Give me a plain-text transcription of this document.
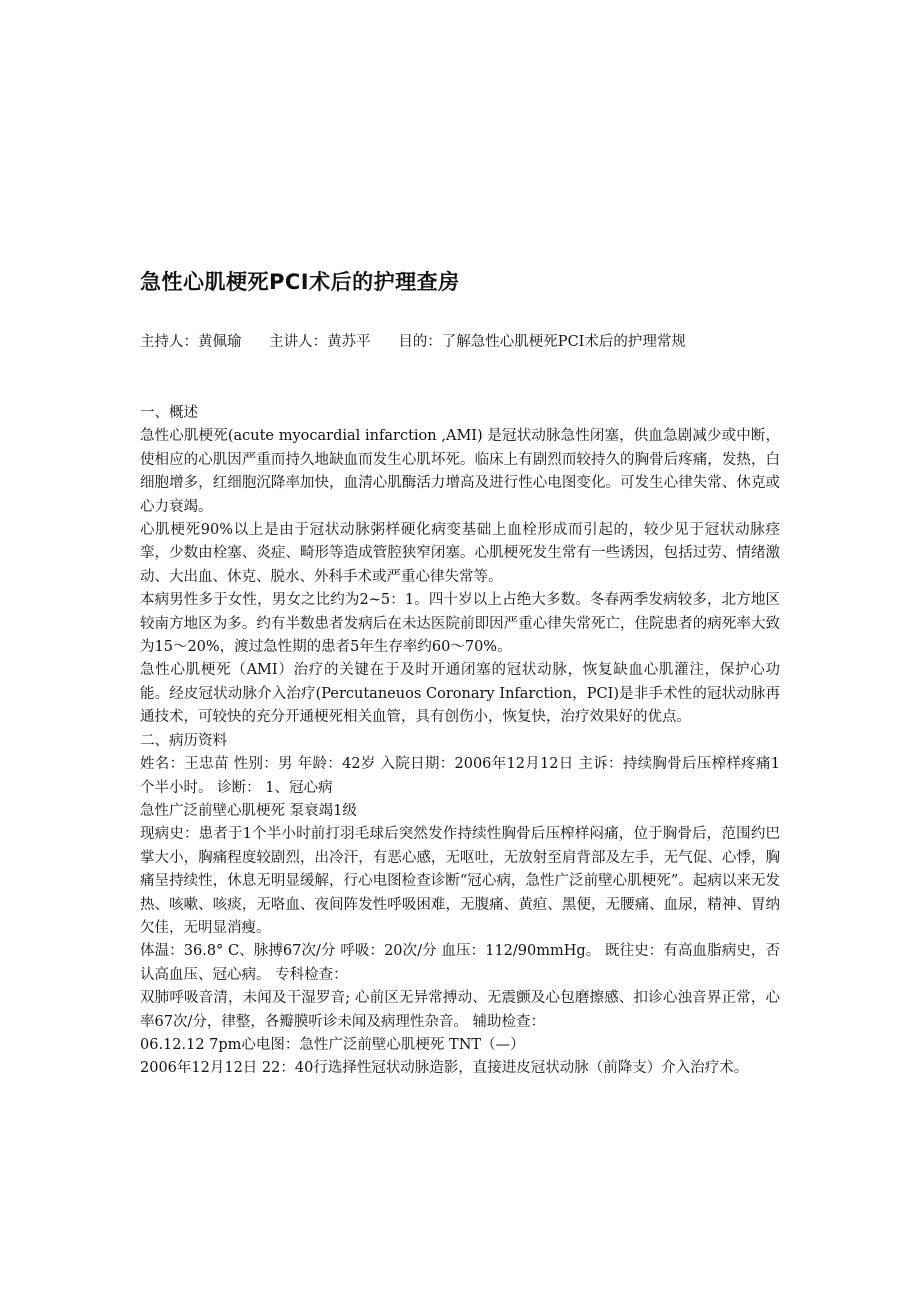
急性心肌梗死PCI术后的护理查房
主持人：黄佩瑜 主讲人：黄苏平 目的：了解急性心肌梗死PCI术后的护理常规

一、概述

急性心肌梗死(acute myocardial infarction ,AMI) 是冠状动脉急性闭塞，供血急剧减少或中断，使相应的心肌因严重而持久地缺血而发生心肌坏死。临床上有剧烈而较持久的胸骨后疼痛，发热，白细胞增多，红细胞沉降率加快，血清心肌酶活力增高及进行性心电图变化。可发生心律失常、休克或心力衰竭。

心肌梗死90%以上是由于冠状动脉粥样硬化病变基础上血栓形成而引起的，较少见于冠状动脉痉挛，少数由栓塞、炎症、畸形等造成管腔狭窄闭塞。心肌梗死发生常有一些诱因，包括过劳、情绪激动、大出血、休克、脱水、外科手术或严重心律失常等。

本病男性多于女性，男女之比约为2~5：1。四十岁以上占绝大多数。冬春两季发病较多，北方地区较南方地区为多。约有半数患者发病后在未达医院前即因严重心律失常死亡，住院患者的病死率大致为15～20%，渡过急性期的患者5年生存率约60～70%。

急性心肌梗死（AMI）治疗的关键在于及时开通闭塞的冠状动脉，恢复缺血心肌灌注，保护心功能。经皮冠状动脉介入治疗(Percutaneuos Coronary Infarction，PCI)是非手术性的冠状动脉再通技术，可较快的充分开通梗死相关血管，具有创伤小，恢复快，治疗效果好的优点。

二、病历资料

姓名：王忠苗 性别：男 年龄：42岁 入院日期：2006年12月12日 主诉：持续胸骨后压榨样疼痛1个半小时。 诊断： 1、冠心病

急性广泛前壁心肌梗死 泵衰竭1级

现病史：患者于1个半小时前打羽毛球后突然发作持续性胸骨后压榨样闷痛，位于胸骨后，范围约巴掌大小，胸痛程度较剧烈，出冷汗，有恶心感，无呕吐，无放射至肩背部及左手，无气促、心悸，胸痛呈持续性，休息无明显缓解，行心电图检查诊断“冠心病，急性广泛前壁心肌梗死”。起病以来无发热、咳嗽、咳痰，无咯血、夜间阵发性呼吸困难，无腹痛、黄疸、黑便，无腰痛、血尿，精神、胃纳欠佳，无明显消瘦。

体温：36.8° C、脉搏67次/分 呼吸：20次/分 血压：112/90mmHg。 既往史：有高血脂病史，否认高血压、冠心病。 专科检查：

双肺呼吸音清，未闻及干湿罗音; 心前区无异常搏动、无震颤及心包磨擦感、扣诊心浊音界正常，心率67次/分，律整，各瓣膜听诊未闻及病理性杂音。 辅助检查：

06.12.12 7pm心电图：急性广泛前壁心肌梗死 TNT（—）

2006年12月12日 22：40行选择性冠状动脉造影，直接进皮冠状动脉（前降支）介入治疗术。
